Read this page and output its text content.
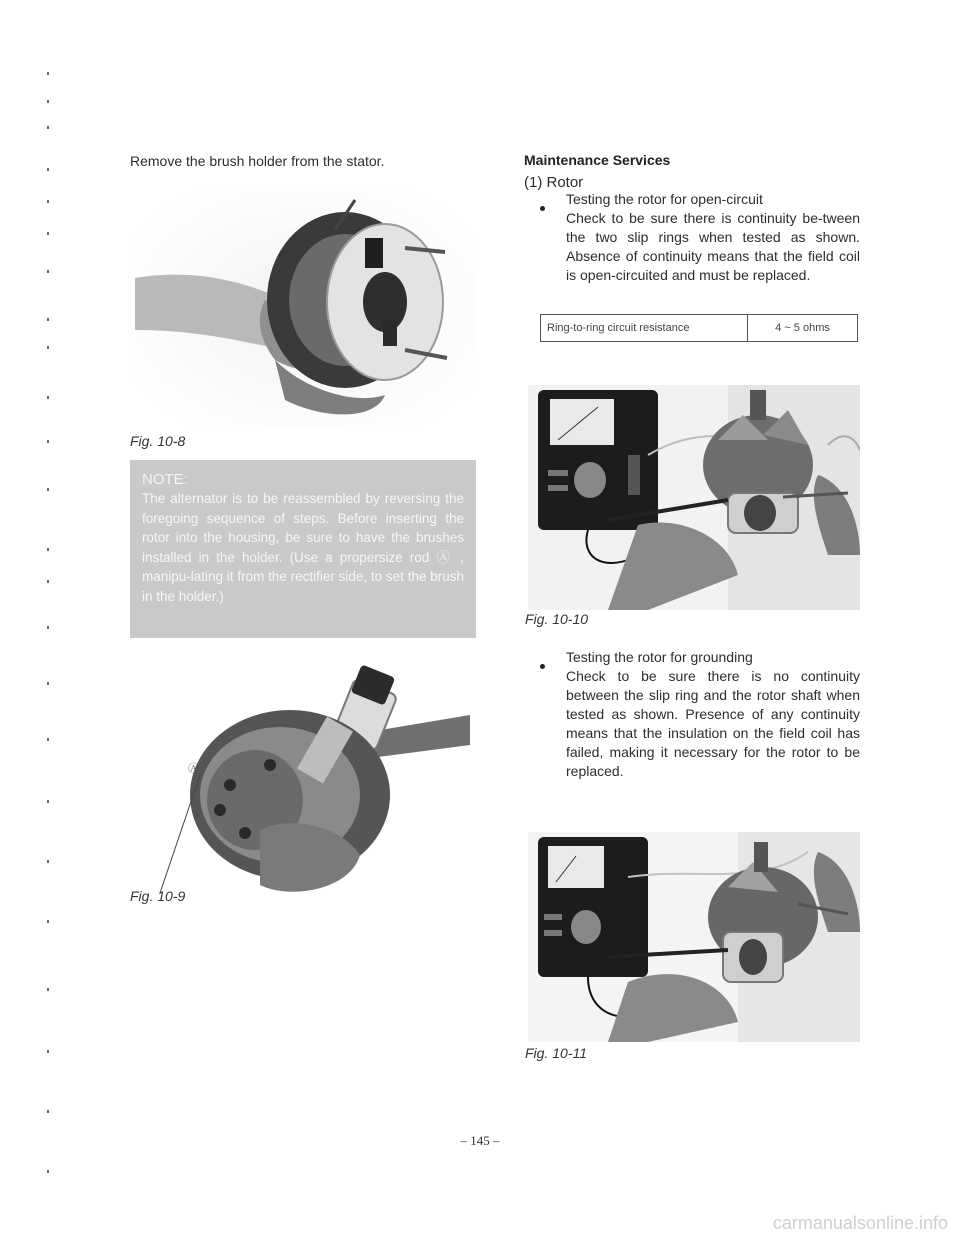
Remove the brush holder from the stator.
Fig. 10-8
NOTE:
The alternator is to be reassembled by reversing the foregoing sequence of steps. Before inserting the rotor into the housing, be sure to have the brushes installed in the holder. (Use a propersize rod Ⓐ , manipu-lating it from the rectifier side, to set the brush in the holder.)
Ⓐ
Fig. 10-9
Maintenance Services
(1) Rotor
Testing the rotor for open-circuit
Check to be sure there is continuity be-tween the two slip rings when tested as shown. Absence of continuity means that the field coil is open-circuited and must be replaced.
Ring-to-ring circuit resistance	4 ~ 5 ohms
Fig. 10-10
Testing the rotor for grounding
Check to be sure there is no continuity between the slip ring and the rotor shaft when tested as shown. Presence of any continuity means that the insulation on the field coil has failed, making it necessary for the rotor to be replaced.
Fig. 10-11
– 145 –
carmanualsonline.info
